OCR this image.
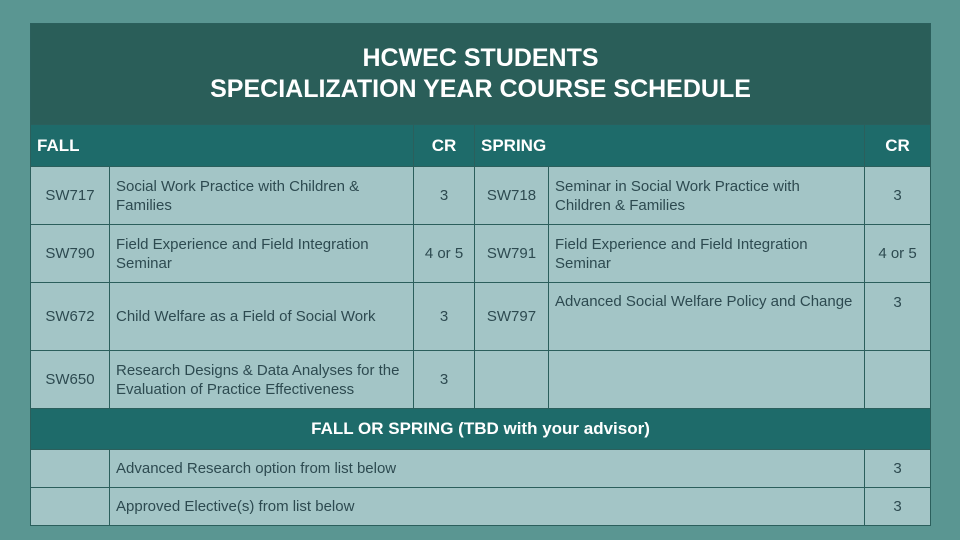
HCWEC STUDENTS
SPECIALIZATION YEAR COURSE SCHEDULE					

FALL		CR	SPRING		CR
SW717	Social Work Practice with Children & Families	3	SW718	Seminar in Social Work Practice with Children & Families	3
SW790	Field Experience and Field Integration Seminar	4 or 5	SW791	Field Experience and Field Integration Seminar	4 or 5
SW672	Child Welfare as a Field of Social Work	3	SW797	Advanced Social Welfare Policy and Change	3
SW650	Research Designs & Data Analyses for the Evaluation of Practice Effectiveness	3			
FALL OR SPRING (TBD with your advisor)					
	Advanced Research option from list below				3
	Approved Elective(s) from list below				3
